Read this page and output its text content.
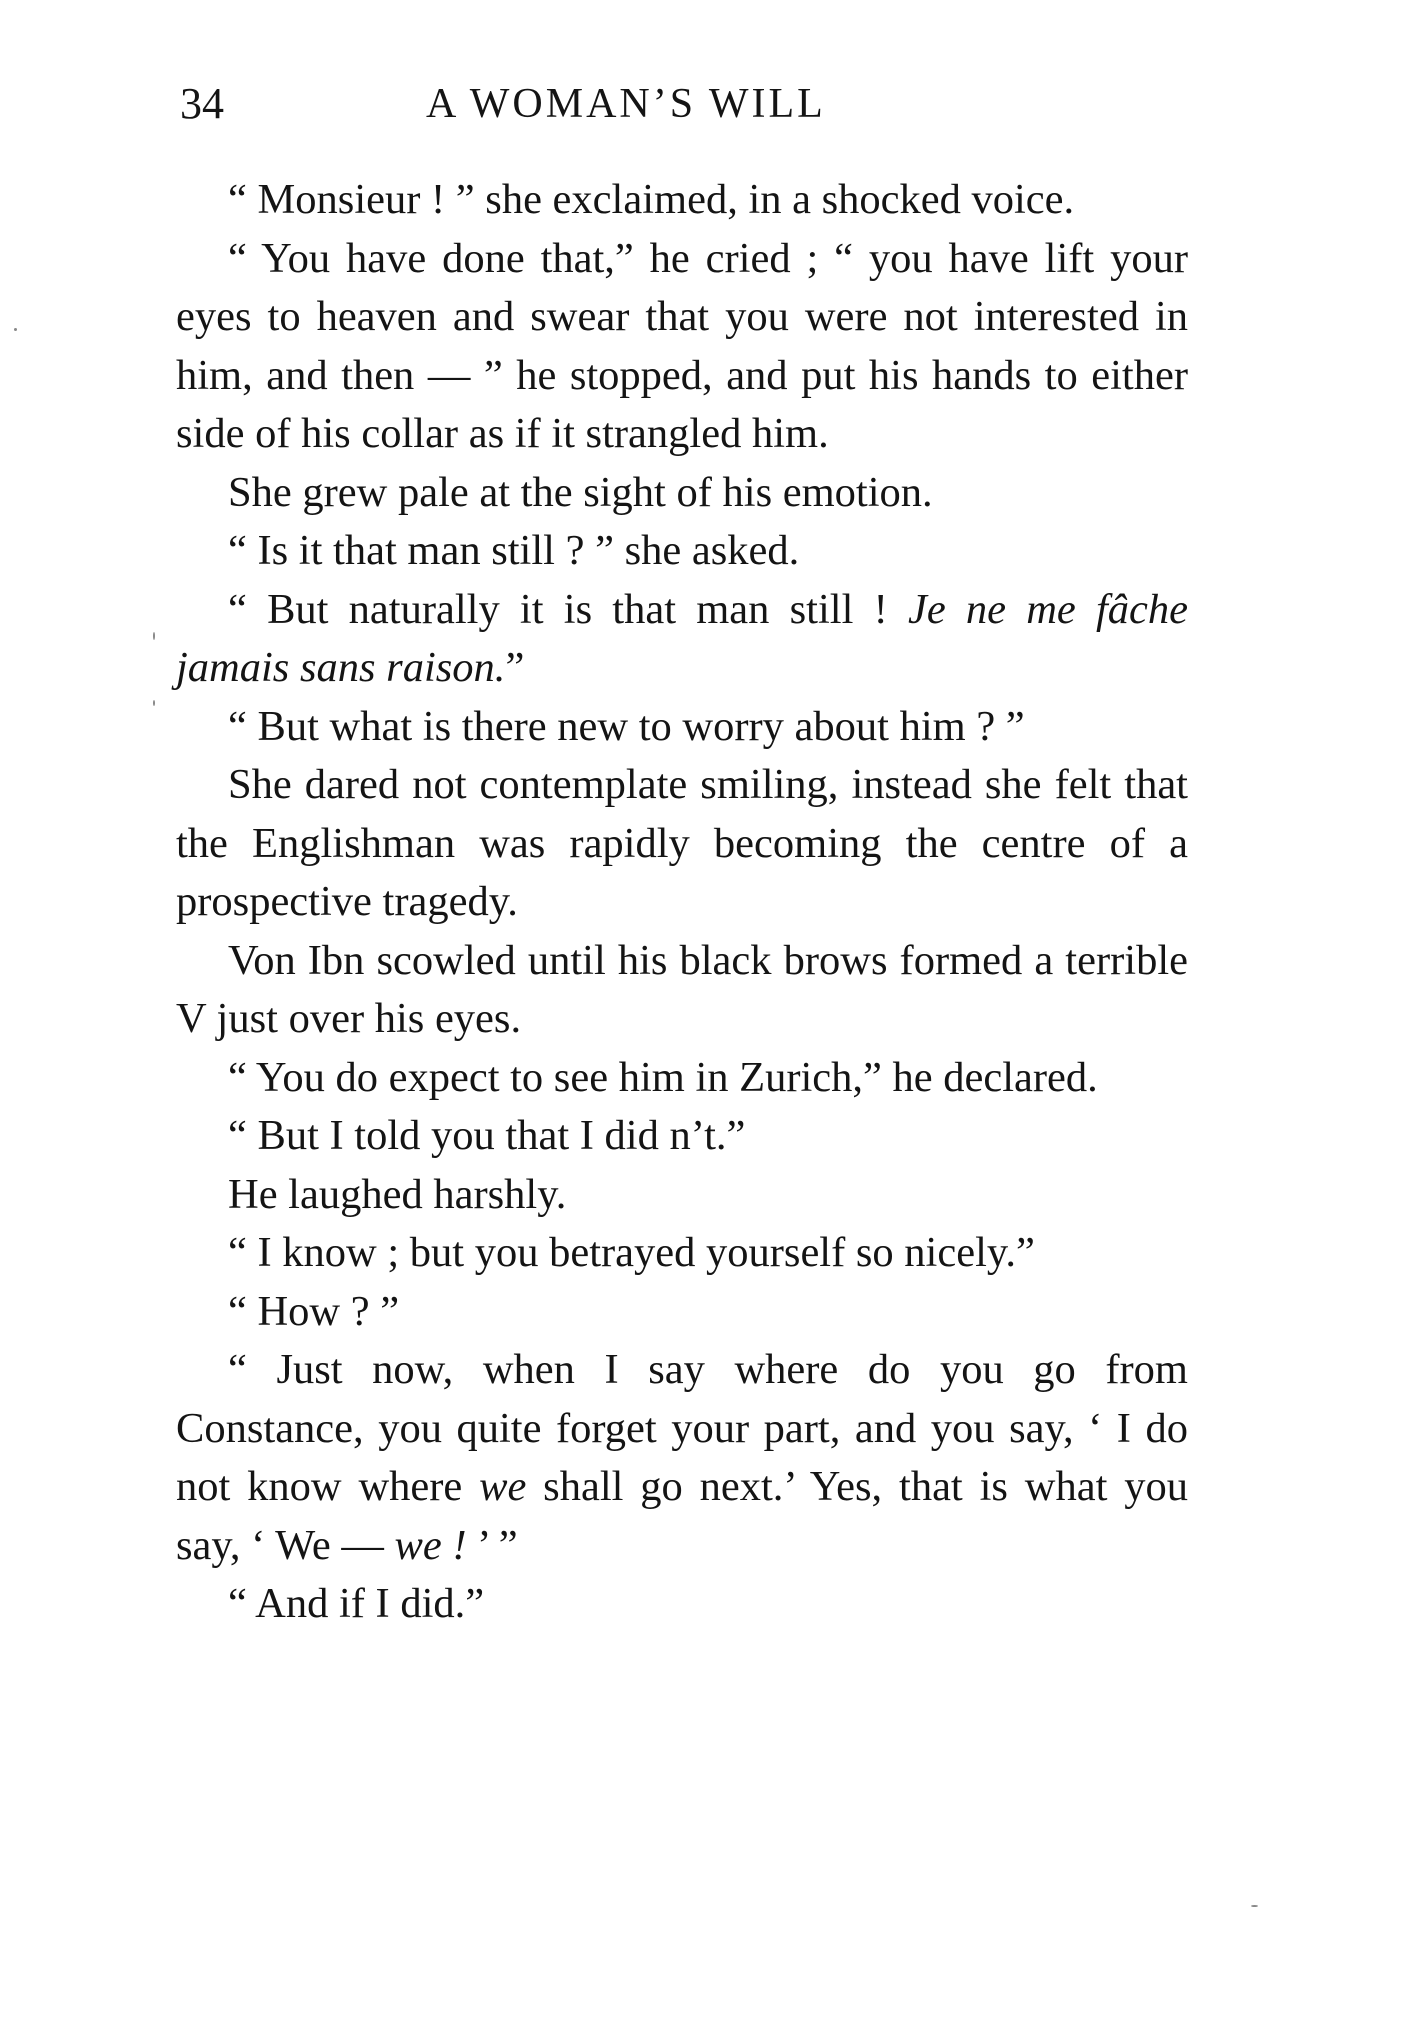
34	A WOMAN’S WILL

“ Monsieur ! ” she exclaimed, in a shocked voice.

“ You have done that,” he cried ; “ you have lift your eyes to heaven and swear that you were not interested in him, and then — ” he stopped, and put his hands to either side of his collar as if it strangled him.

She grew pale at the sight of his emotion.

“ Is it that man still ? ” she asked.

“ But naturally it is that man still ! Je ne me fâche jamais sans raison.”

“ But what is there new to worry about him ? ”

She dared not contemplate smiling, instead she felt that the Englishman was rapidly becoming the centre of a prospective tragedy.

Von Ibn scowled until his black brows formed a terrible V just over his eyes.

“ You do expect to see him in Zurich,” he declared.

“ But I told you that I did n’t.”

He laughed harshly.

“ I know ; but you betrayed yourself so nicely.”

“ How ? ”

“ Just now, when I say where do you go from Constance, you quite forget your part, and you say, ‘ I do not know where we shall go next.’ Yes, that is what you say, ‘ We — we ! ’ ”

“ And if I did.”
